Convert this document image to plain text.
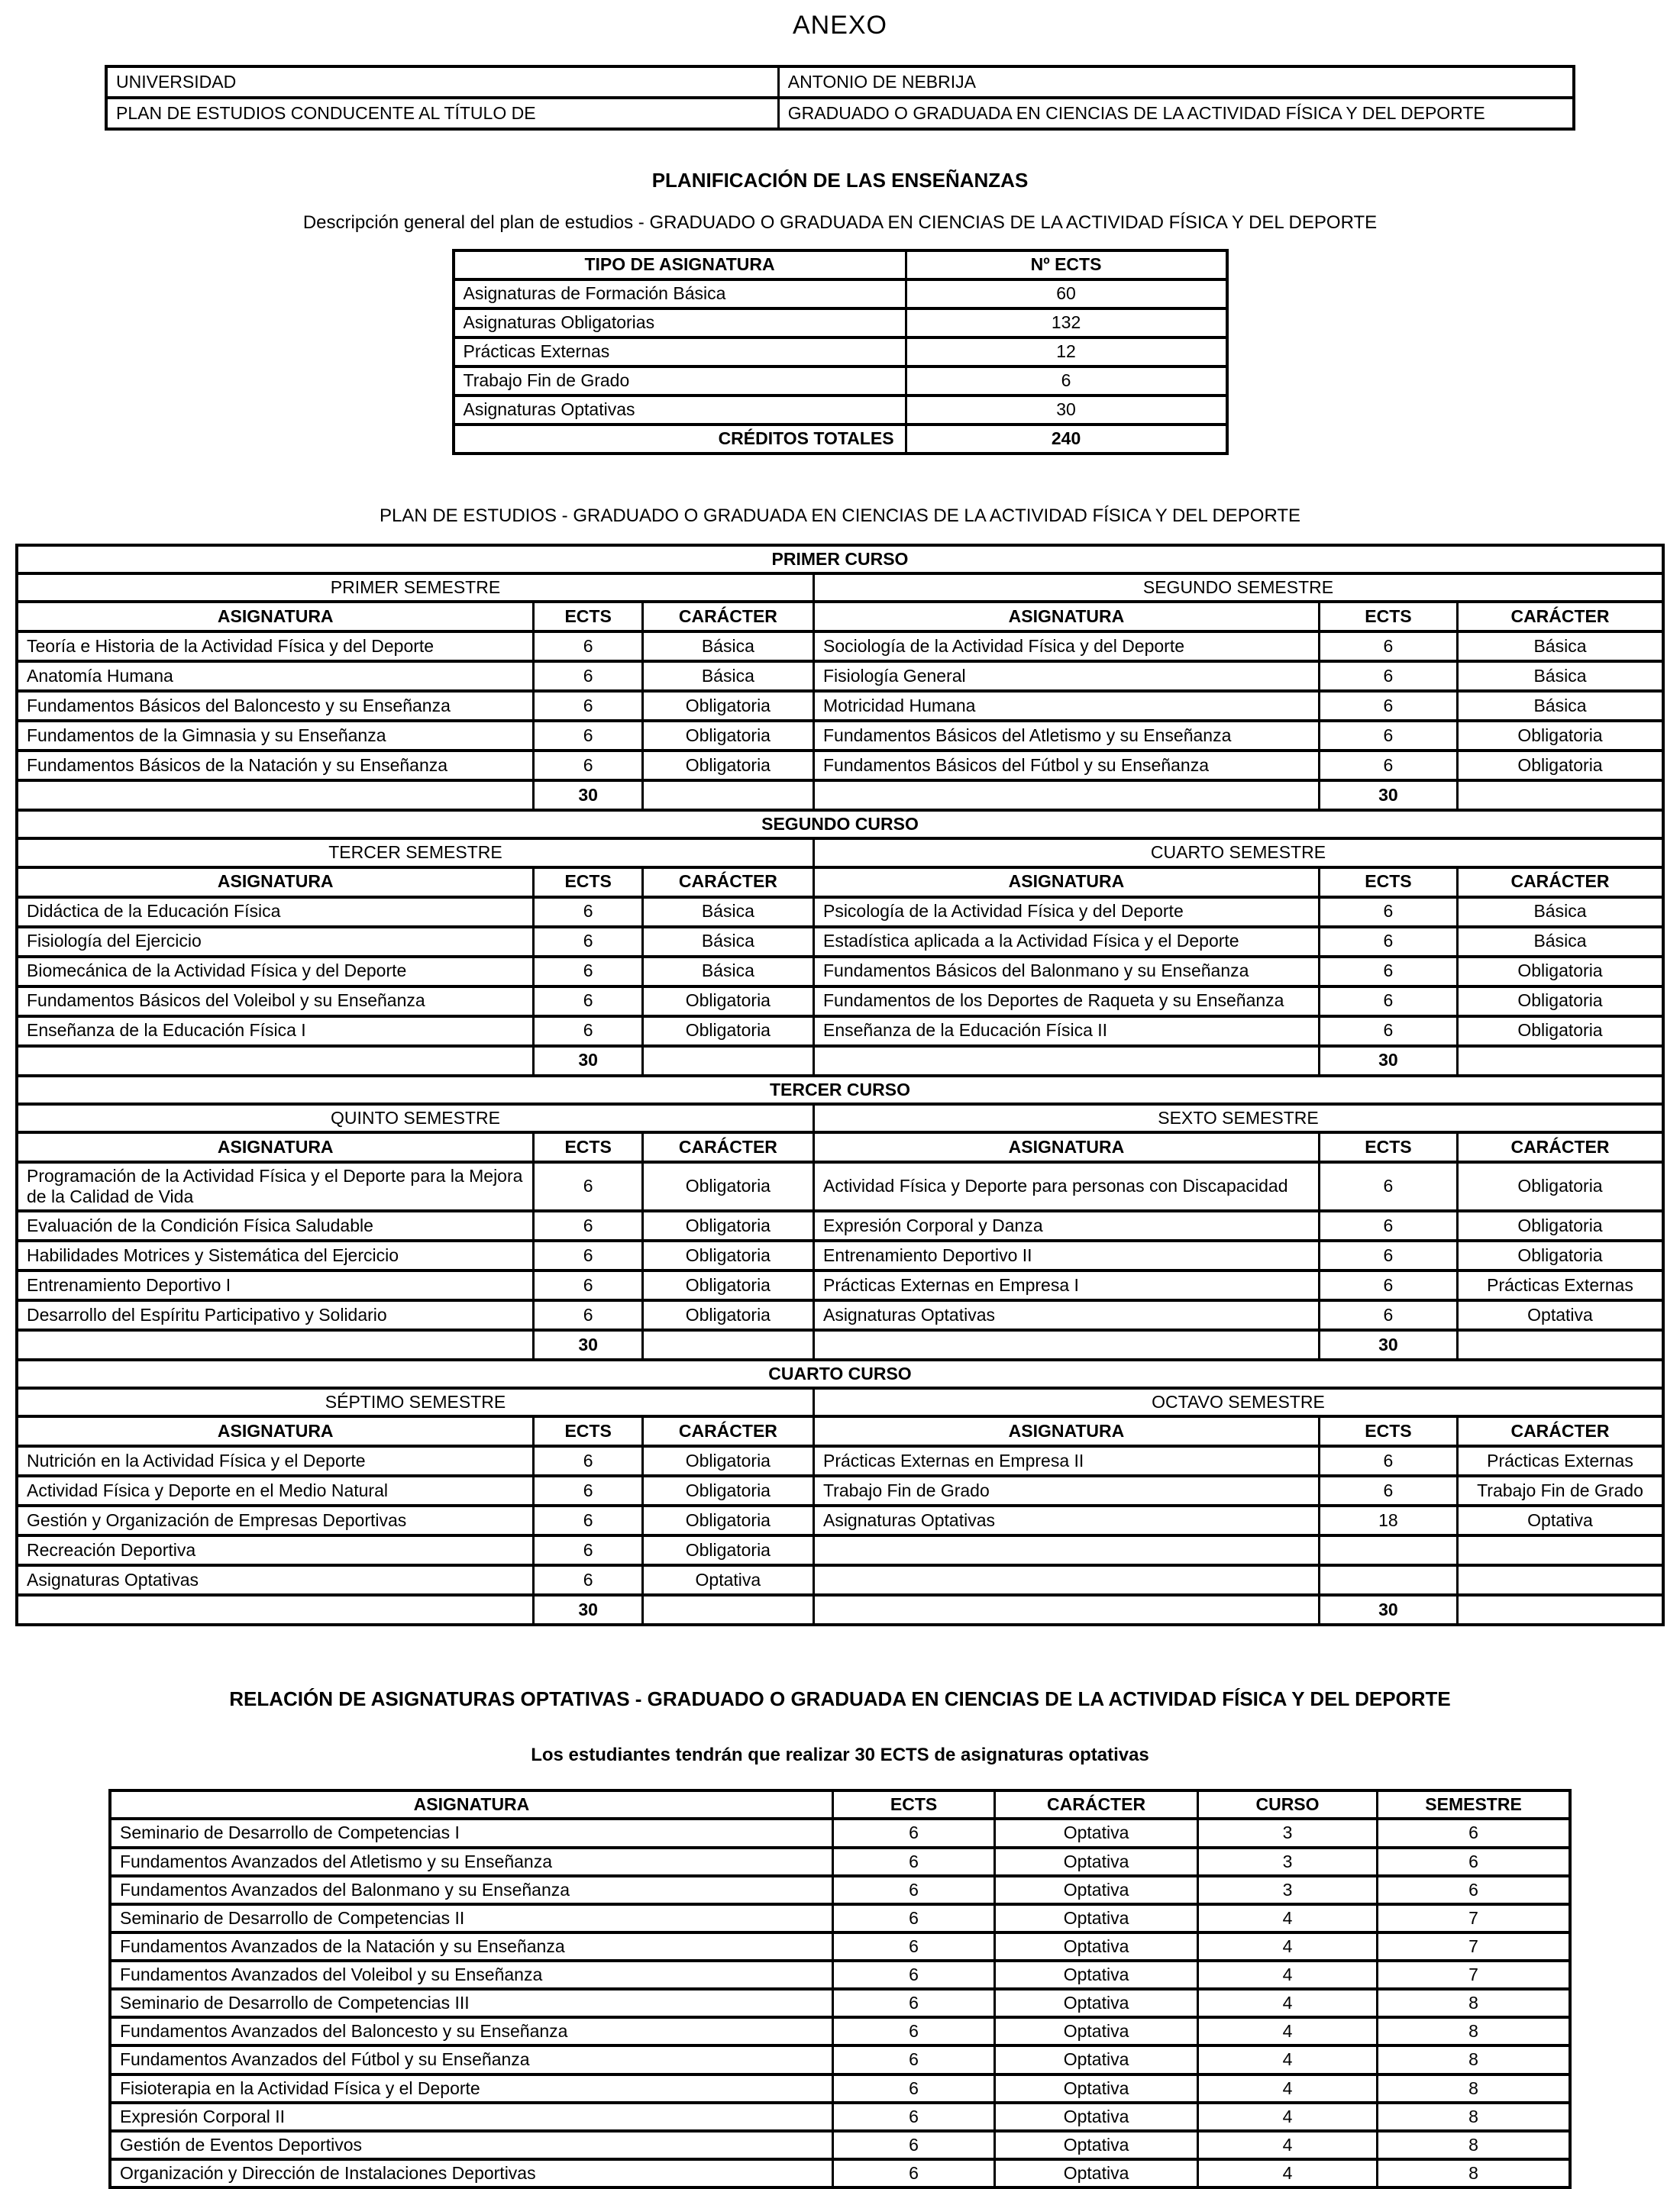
ANEXO
UNIVERSIDAD	ANTONIO DE NEBRIJA
PLAN DE ESTUDIOS CONDUCENTE AL TÍTULO DE	GRADUADO O GRADUADA EN CIENCIAS DE LA ACTIVIDAD FÍSICA Y DEL DEPORTE
PLANIFICACIÓN DE LAS ENSEÑANZAS
Descripción general del plan de estudios - GRADUADO O GRADUADA EN CIENCIAS DE LA ACTIVIDAD FÍSICA Y DEL DEPORTE
TIPO DE ASIGNATURA	Nº ECTS
Asignaturas de Formación Básica	60
Asignaturas Obligatorias	132
Prácticas Externas	12
Trabajo Fin de Grado	6
Asignaturas Optativas	30
CRÉDITOS TOTALES	240
PLAN DE ESTUDIOS - GRADUADO O GRADUADA EN CIENCIAS DE LA ACTIVIDAD FÍSICA Y DEL DEPORTE
PRIMER CURSO					
PRIMER SEMESTRE			SEGUNDO SEMESTRE		
ASIGNATURA	ECTS	CARÁCTER	ASIGNATURA	ECTS	CARÁCTER
Teoría e Historia de la Actividad Física y del Deporte	6	Básica	Sociología de la Actividad Física y del Deporte	6	Básica
Anatomía Humana	6	Básica	Fisiología General	6	Básica
Fundamentos Básicos del Baloncesto y su Enseñanza	6	Obligatoria	Motricidad Humana	6	Básica
Fundamentos de la Gimnasia y su Enseñanza	6	Obligatoria	Fundamentos Básicos del Atletismo y su Enseñanza	6	Obligatoria
Fundamentos Básicos de la Natación y su Enseñanza	6	Obligatoria	Fundamentos Básicos del Fútbol y su Enseñanza	6	Obligatoria
	30			30	
SEGUNDO CURSO					
TERCER SEMESTRE			CUARTO SEMESTRE		
ASIGNATURA	ECTS	CARÁCTER	ASIGNATURA	ECTS	CARÁCTER
Didáctica de la Educación Física	6	Básica	Psicología de la Actividad Física y del Deporte	6	Básica
Fisiología del Ejercicio	6	Básica	Estadística aplicada a la Actividad Física y el Deporte	6	Básica
Biomecánica de la Actividad Física y del Deporte	6	Básica	Fundamentos Básicos del Balonmano y su Enseñanza	6	Obligatoria
Fundamentos Básicos del Voleibol y su Enseñanza	6	Obligatoria	Fundamentos de los Deportes de Raqueta y su Enseñanza	6	Obligatoria
Enseñanza de la Educación Física I	6	Obligatoria	Enseñanza de la Educación Física II	6	Obligatoria
	30			30	
TERCER CURSO					
QUINTO SEMESTRE			SEXTO SEMESTRE		
ASIGNATURA	ECTS	CARÁCTER	ASIGNATURA	ECTS	CARÁCTER
Programación de la Actividad Física y el Deporte para la Mejora de la Calidad de Vida	6	Obligatoria	Actividad Física y Deporte para personas con Discapacidad	6	Obligatoria
Evaluación de la Condición Física Saludable	6	Obligatoria	Expresión Corporal y Danza	6	Obligatoria
Habilidades Motrices y Sistemática del Ejercicio	6	Obligatoria	Entrenamiento Deportivo II	6	Obligatoria
Entrenamiento Deportivo I	6	Obligatoria	Prácticas Externas en Empresa I	6	Prácticas Externas
Desarrollo del Espíritu Participativo y Solidario	6	Obligatoria	Asignaturas Optativas	6	Optativa
	30			30	
CUARTO CURSO					
SÉPTIMO SEMESTRE			OCTAVO SEMESTRE		
ASIGNATURA	ECTS	CARÁCTER	ASIGNATURA	ECTS	CARÁCTER
Nutrición en la Actividad Física y el Deporte	6	Obligatoria	Prácticas Externas en Empresa II	6	Prácticas Externas
Actividad Física y Deporte en el Medio Natural	6	Obligatoria	Trabajo Fin de Grado	6	Trabajo Fin de Grado
Gestión y Organización de Empresas Deportivas	6	Obligatoria	Asignaturas Optativas	18	Optativa
Recreación Deportiva	6	Obligatoria			
Asignaturas Optativas	6	Optativa			
	30			30	
RELACIÓN DE ASIGNATURAS OPTATIVAS - GRADUADO O GRADUADA EN CIENCIAS DE LA ACTIVIDAD FÍSICA Y DEL DEPORTE
Los estudiantes tendrán que realizar 30 ECTS de asignaturas optativas
ASIGNATURA	ECTS	CARÁCTER	CURSO	SEMESTRE
Seminario de Desarrollo de Competencias I	6	Optativa	3	6
Fundamentos Avanzados del Atletismo y su Enseñanza	6	Optativa	3	6
Fundamentos Avanzados del Balonmano y su Enseñanza	6	Optativa	3	6
Seminario de Desarrollo de Competencias II	6	Optativa	4	7
Fundamentos Avanzados de la Natación y su Enseñanza	6	Optativa	4	7
Fundamentos Avanzados del Voleibol y su Enseñanza	6	Optativa	4	7
Seminario de Desarrollo de Competencias III	6	Optativa	4	8
Fundamentos Avanzados del Baloncesto y su Enseñanza	6	Optativa	4	8
Fundamentos Avanzados del Fútbol y su Enseñanza	6	Optativa	4	8
Fisioterapia en la Actividad Física y el Deporte	6	Optativa	4	8
Expresión Corporal II	6	Optativa	4	8
Gestión de Eventos Deportivos	6	Optativa	4	8
Organización y Dirección de Instalaciones Deportivas	6	Optativa	4	8
